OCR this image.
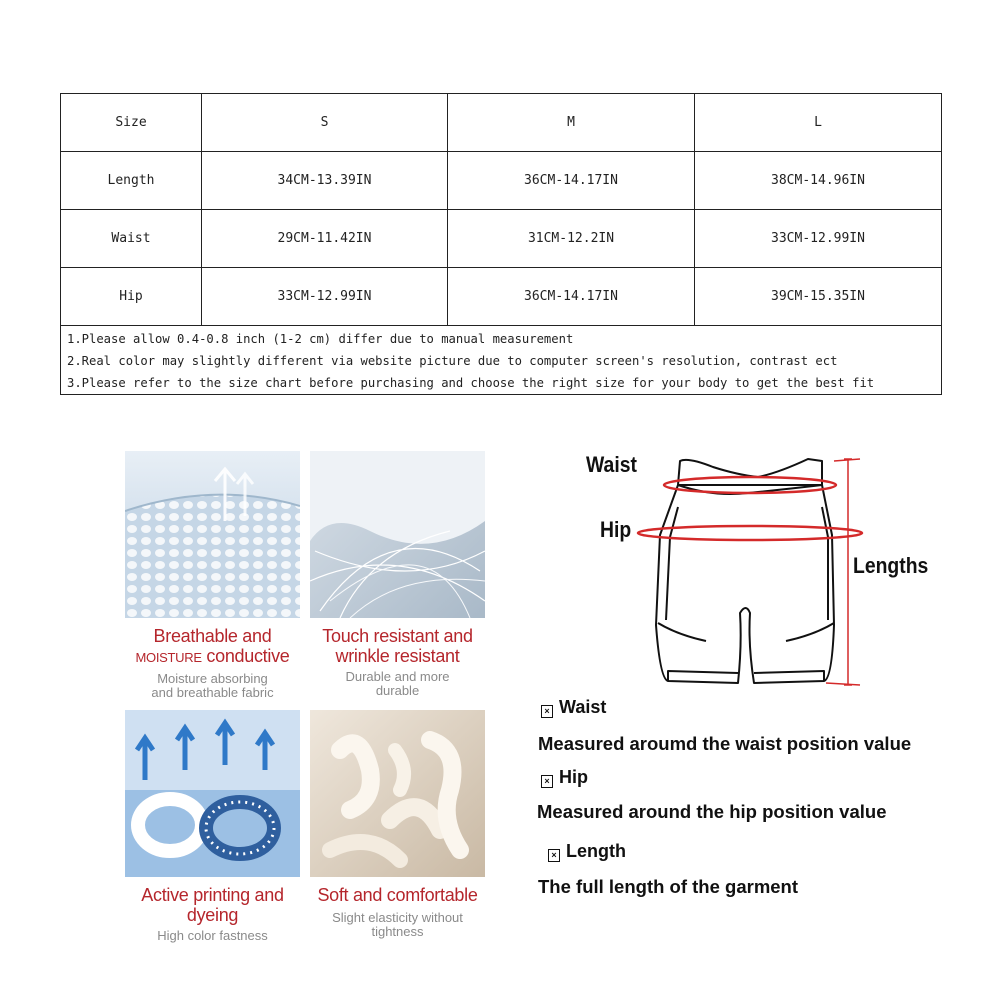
Size	S	M	L
Length	34CM-13.39IN	36CM-14.17IN	38CM-14.96IN
Waist	29CM-11.42IN	31CM-12.2IN	33CM-12.99IN
Hip	33CM-12.99IN	36CM-14.17IN	39CM-15.35IN

1.Please allow 0.4-0.8 inch (1-2 cm) differ due to manual measurement
2.Real color may slightly different via website picture due to computer screen's resolution, contrast ect
3.Please refer to the size chart before purchasing and choose the right size for your body to get the best fit			
Breathable and
MOISTURE conductive
Moisture absorbing and breathable fabric
Touch resistant and
wrinkle resistant
Durable and more durable
Active printing and
dyeing
High color fastness
Soft and comfortable
Slight elasticity without tightness
Waist
Hip
Lengths
× Waist
Measured aroumd the waist position value
× Hip
Measured around the hip position value
× Length
The full length of the garment
